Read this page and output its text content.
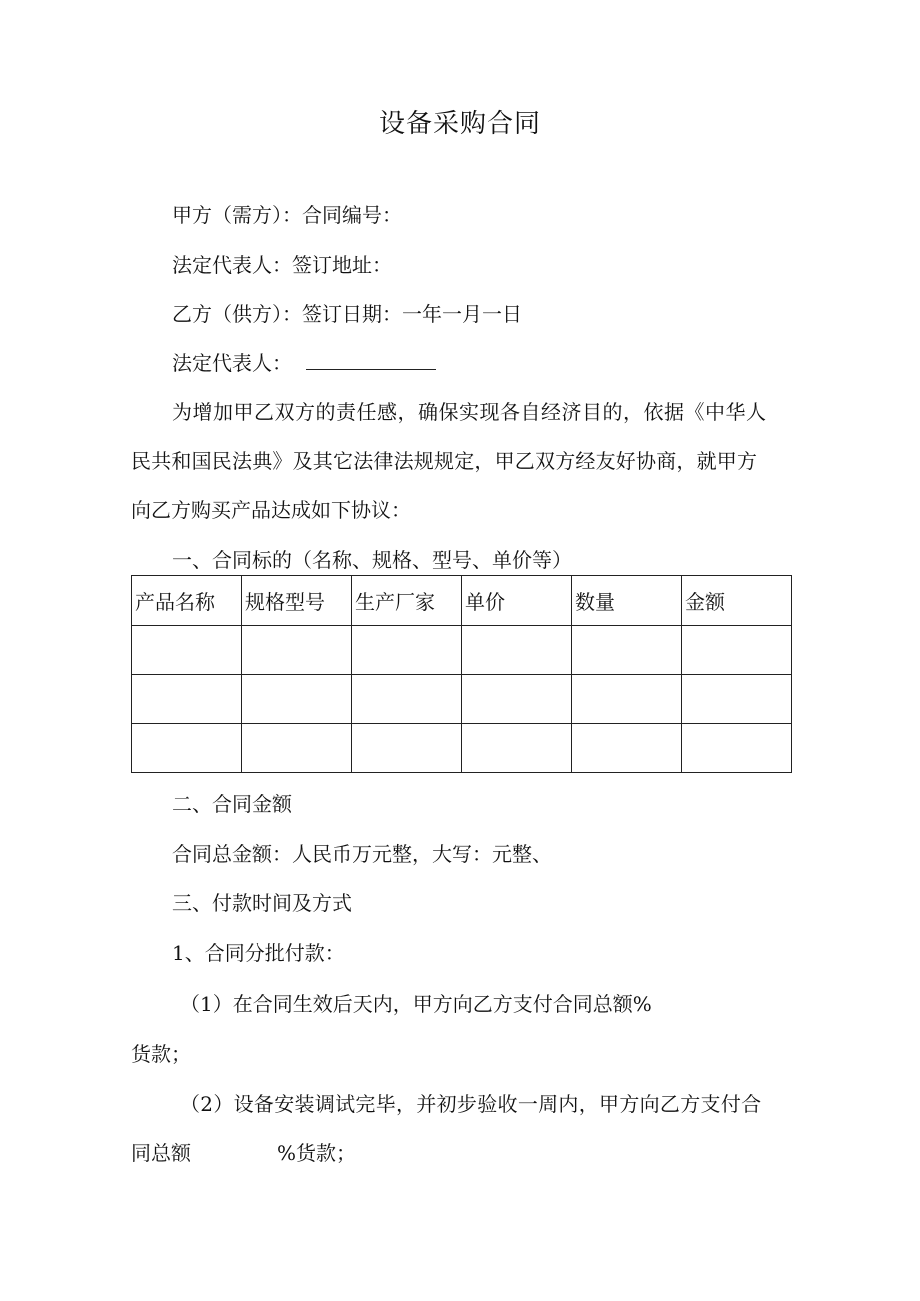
设备采购合同

甲方（需方）：合同编号：

法定代表人：签订地址：

乙方（供方）：签订日期：一年一月一日

法定代表人：

为增加甲乙双方的责任感，确保实现各自经济目的，依据《中华人

民共和国民法典》及其它法律法规规定，甲乙双方经友好协商，就甲方

向乙方购买产品达成如下协议：

一、合同标的（名称、规格、型号、单价等）

产品名称	规格型号	生产厂家	单价	数量	金额

二、合同金额

合同总金额：人民币万元整，大写：元整、

三、付款时间及方式

1、合同分批付款：

（1）在合同生效后天内，甲方向乙方支付合同总额%

货款；

（2）设备安装调试完毕，并初步验收一周内，甲方向乙方支付合

同总额	%货款；
